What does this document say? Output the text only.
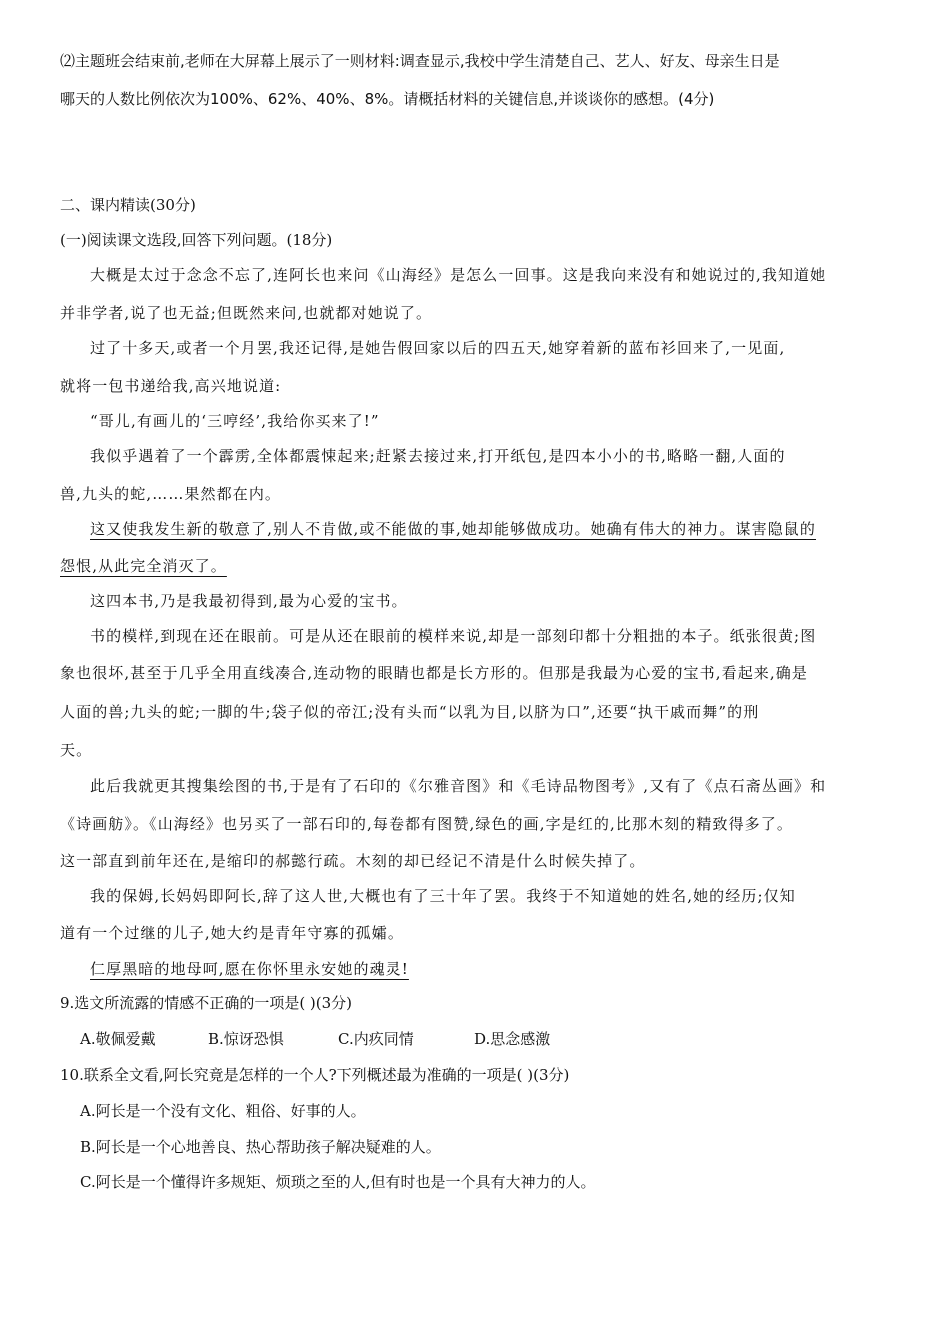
⑵主题班会结束前,老师在大屏幕上展示了一则材料:调查显示,我校中学生清楚自己、艺人、好友、母亲生日是

哪天的人数比例依次为100%、62%、40%、8%。请概括材料的关键信息,并谈谈你的感想。(4分)

二、课内精读(30分)

(一)阅读课文选段,回答下列问题。(18分)

大概是太过于念念不忘了,连阿长也来问《山海经》是怎么一回事。这是我向来没有和她说过的,我知道她

并非学者,说了也无益;但既然来问,也就都对她说了。

过了十多天,或者一个月罢,我还记得,是她告假回家以后的四五天,她穿着新的蓝布衫回来了,一见面,

就将一包书递给我,高兴地说道:

“哥儿,有画儿的‘三哼经’,我给你买来了!”

我似乎遇着了一个霹雳,全体都震悚起来;赶紧去接过来,打开纸包,是四本小小的书,略略一翻,人面的

兽,九头的蛇,……果然都在内。

这又使我发生新的敬意了,别人不肯做,或不能做的事,她却能够做成功。她确有伟大的神力。谋害隐鼠的

怨恨,从此完全消灭了。

这四本书,乃是我最初得到,最为心爱的宝书。

书的模样,到现在还在眼前。可是从还在眼前的模样来说,却是一部刻印都十分粗拙的本子。纸张很黄;图

象也很坏,甚至于几乎全用直线凑合,连动物的眼睛也都是长方形的。但那是我最为心爱的宝书,看起来,确是

人面的兽;九头的蛇;一脚的牛;袋子似的帝江;没有头而“以乳为目,以脐为口”,还要“执干戚而舞”的刑

天。

此后我就更其搜集绘图的书,于是有了石印的《尔雅音图》和《毛诗品物图考》,又有了《点石斋丛画》和

《诗画舫》。《山海经》也另买了一部石印的,每卷都有图赞,绿色的画,字是红的,比那木刻的精致得多了。

这一部直到前年还在,是缩印的郝懿行疏。木刻的却已经记不清是什么时候失掉了。

我的保姆,长妈妈即阿长,辞了这人世,大概也有了三十年了罢。我终于不知道她的姓名,她的经历;仅知

道有一个过继的儿子,她大约是青年守寡的孤孀。

仁厚黑暗的地母呵,愿在你怀里永安她的魂灵!

9.选文所流露的情感不正确的一项是( )(3分)

A.敬佩爱戴	B.惊讶恐惧	C.内疚同情	D.思念感激

10.联系全文看,阿长究竟是怎样的一个人?下列概述最为准确的一项是( )(3分)

A.阿长是一个没有文化、粗俗、好事的人。
B.阿长是一个心地善良、热心帮助孩子解决疑难的人。
C.阿长是一个懂得许多规矩、烦琐之至的人,但有时也是一个具有大神力的人。
